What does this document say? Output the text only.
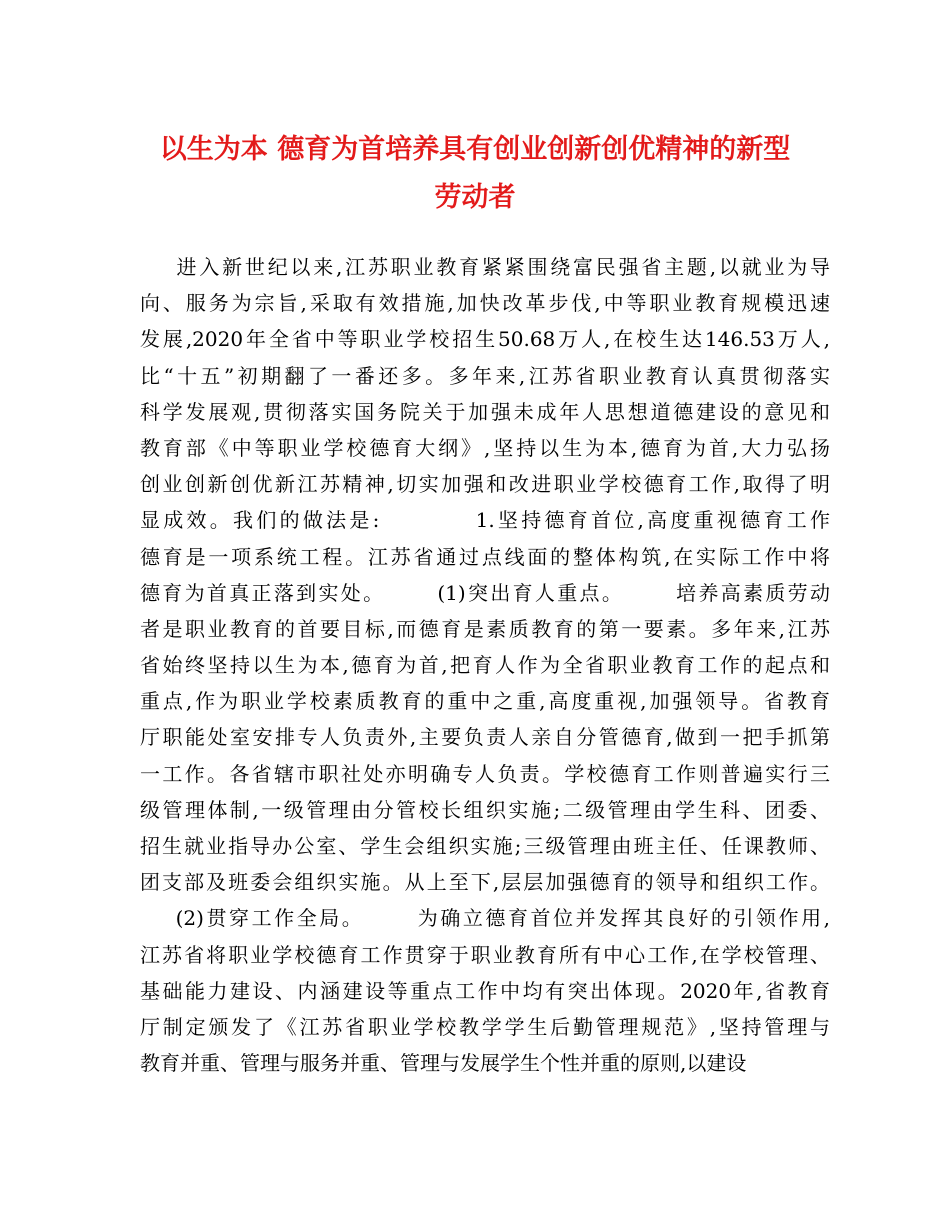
以生为本 德育为首培养具有创业创新创优精神的新型
劳动者
进入新世纪以来,江苏职业教育紧紧围绕富民强省主题,以就业为导
向、服务为宗旨,采取有效措施,加快改革步伐,中等职业教育规模迅速
发展,2020年全省中等职业学校招生50.68万人,在校生达146.53万人,
比“十五”初期翻了一番还多。多年来,江苏省职业教育认真贯彻落实
科学发展观,贯彻落实国务院关于加强未成年人思想道德建设的意见和
教育部《中等职业学校德育大纲》,坚持以生为本,德育为首,大力弘扬
创业创新创优新江苏精神,切实加强和改进职业学校德育工作,取得了明
显成效。我们的做法是:          1.坚持德育首位,高度重视德育工作
德育是一项系统工程。江苏省通过点线面的整体构筑,在实际工作中将
德育为首真正落到实处。      (1)突出育人重点。      培养高素质劳动
者是职业教育的首要目标,而德育是素质教育的第一要素。多年来,江苏
省始终坚持以生为本,德育为首,把育人作为全省职业教育工作的起点和
重点,作为职业学校素质教育的重中之重,高度重视,加强领导。省教育
厅职能处室安排专人负责外,主要负责人亲自分管德育,做到一把手抓第
一工作。各省辖市职社处亦明确专人负责。学校德育工作则普遍实行三
级管理体制,一级管理由分管校长组织实施;二级管理由学生科、团委、
招生就业指导办公室、学生会组织实施;三级管理由班主任、任课教师、
团支部及班委会组织实施。从上至下,层层加强德育的领导和组织工作。
(2)贯穿工作全局。      为确立德育首位并发挥其良好的引领作用,
江苏省将职业学校德育工作贯穿于职业教育所有中心工作,在学校管理、
基础能力建设、内涵建设等重点工作中均有突出体现。2020年,省教育
厅制定颁发了《江苏省职业学校教学学生后勤管理规范》,坚持管理与
教育并重、管理与服务并重、管理与发展学生个性并重的原则,以建设
